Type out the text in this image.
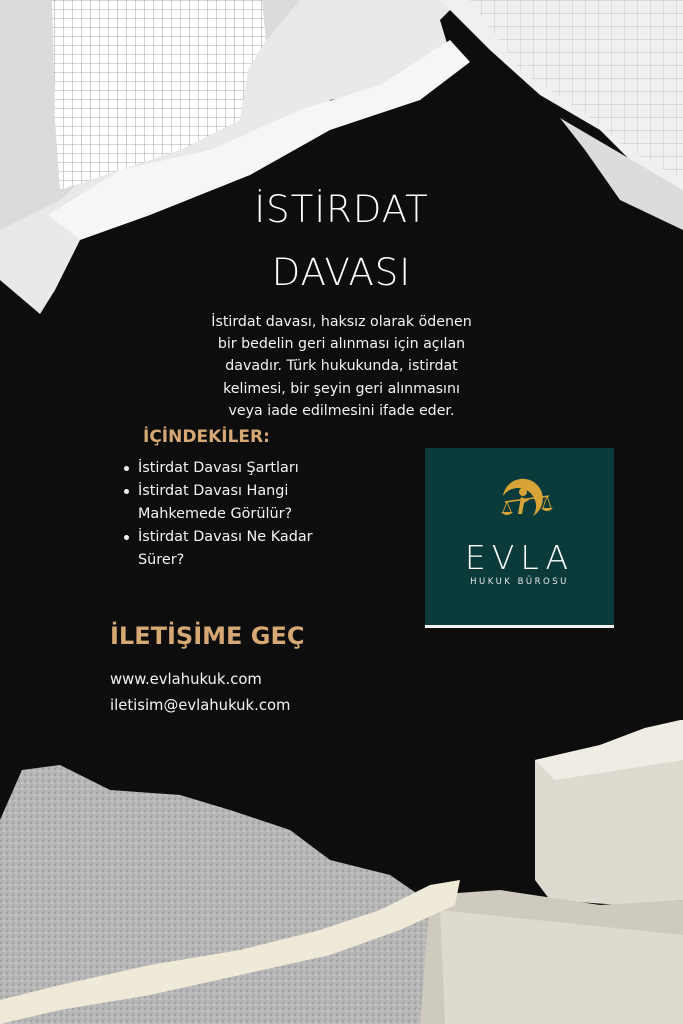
İSTİRDAT
DAVASI
İstirdat davası, haksız olarak ödenen
bir bedelin geri alınması için açılan
davadır. Türk hukukunda, istirdat
kelimesi, bir şeyin geri alınmasını
veya iade edilmesini ifade eder.
İÇİNDEKİLER:
İstirdat Davası Şartları
İstirdat Davası Hangi
Mahkemede Görülür?
İstirdat Davası Ne Kadar
Sürer?	EVLA
HUKUK BÜROSU
İLETİŞİME GEÇ
www.evlahukuk.com
iletisim@evlahukuk.com
